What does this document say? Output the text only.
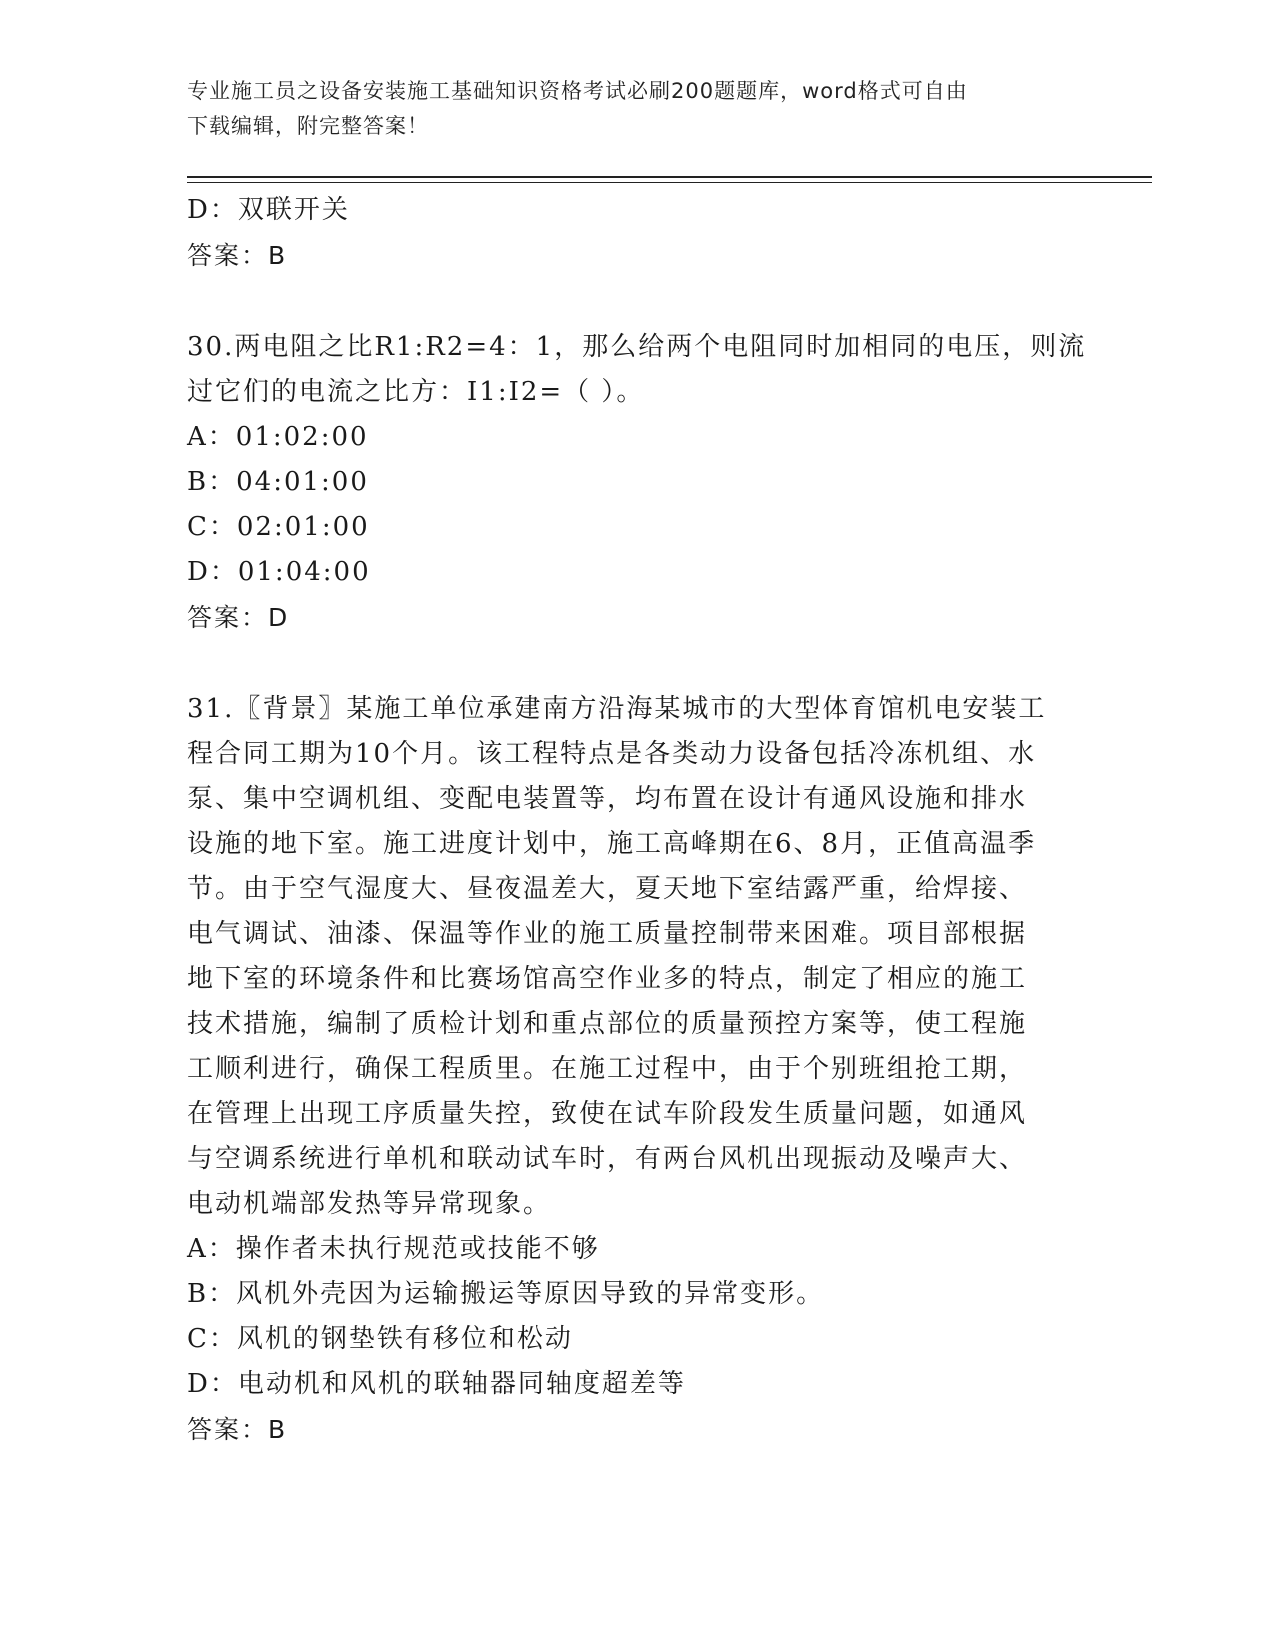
专业施工员之设备安装施工基础知识资格考试必刷200题题库，word格式可自由
下载编辑，附完整答案！
D：双联开关
答案：B
30.两电阻之比R1:R2=4：1，那么给两个电阻同时加相同的电压，则流
过它们的电流之比方：I1:I2=（ ）。
A：01:02:00
B：04:01:00
C：02:01:00
D：01:04:00
答案：D
31.〖背景〗某施工单位承建南方沿海某城市的大型体育馆机电安装工
程合同工期为10个月。该工程特点是各类动力设备包括冷冻机组、水
泵、集中空调机组、变配电装置等，均布置在设计有通风设施和排水
设施的地下室。施工进度计划中，施工高峰期在6、8月，正值高温季
节。由于空气湿度大、昼夜温差大，夏天地下室结露严重，给焊接、
电气调试、油漆、保温等作业的施工质量控制带来困难。项目部根据
地下室的环境条件和比赛场馆高空作业多的特点，制定了相应的施工
技术措施，编制了质检计划和重点部位的质量预控方案等，使工程施
工顺利进行，确保工程质里。在施工过程中，由于个别班组抢工期，
在管理上出现工序质量失控，致使在试车阶段发生质量问题，如通风
与空调系统进行单机和联动试车时，有两台风机出现振动及噪声大、
电动机端部发热等异常现象。
A：操作者未执行规范或技能不够
B：风机外壳因为运输搬运等原因导致的异常变形。
C：风机的钢垫铁有移位和松动
D：电动机和风机的联轴器同轴度超差等
答案：B
